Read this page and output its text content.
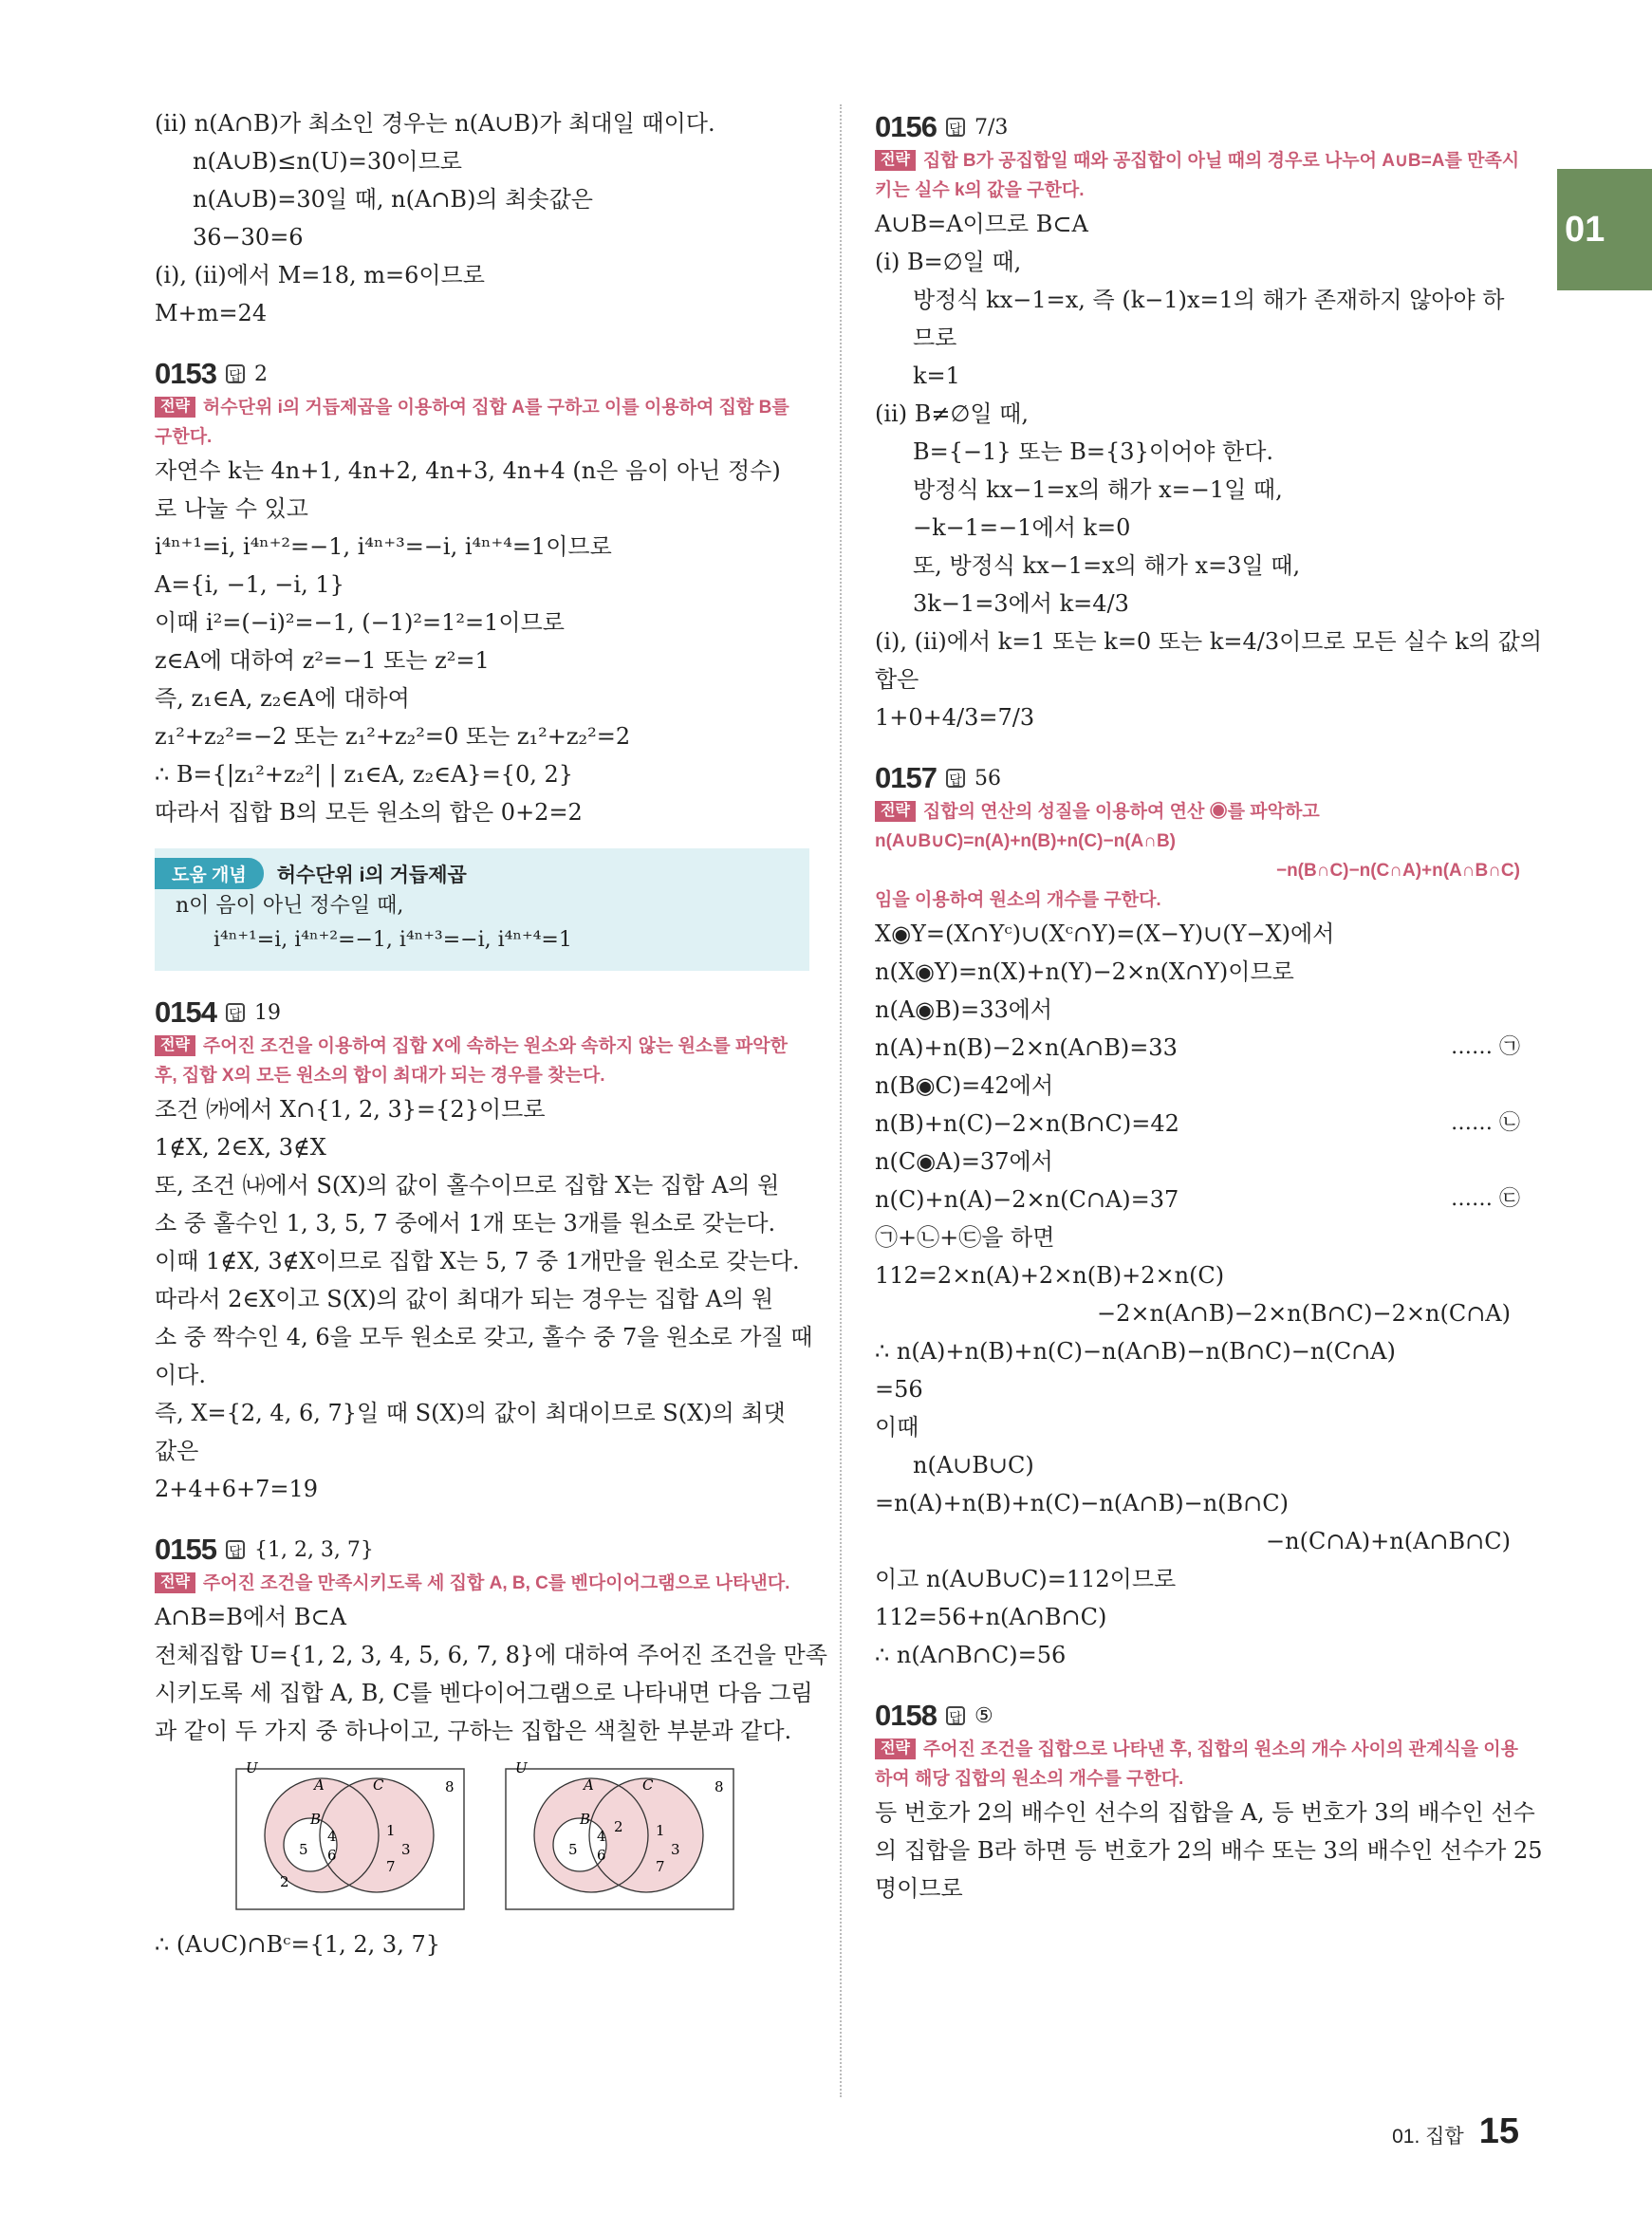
01
(ⅱ) n(A∩B)가 최소인 경우는 n(A∪B)가 최대일 때이다.
n(A∪B)≤n(U)=30이므로
n(A∪B)=30일 때, n(A∩B)의 최솟값은
36−30=6
(ⅰ), (ⅱ)에서 M=18, m=6이므로
M+m=24
0153 답 2
전략 허수단위 i의 거듭제곱을 이용하여 집합 A를 구하고 이를 이용하여 집합 B를 구한다.
자연수 k는 4n+1, 4n+2, 4n+3, 4n+4 (n은 음이 아닌 정수)
로 나눌 수 있고
i⁴ⁿ⁺¹=i, i⁴ⁿ⁺²=−1, i⁴ⁿ⁺³=−i, i⁴ⁿ⁺⁴=1이므로
A={i, −1, −i, 1}
이때 i²=(−i)²=−1, (−1)²=1²=1이므로
z∈A에 대하여 z²=−1 또는 z²=1
즉, z₁∈A, z₂∈A에 대하여
z₁²+z₂²=−2 또는 z₁²+z₂²=0 또는 z₁²+z₂²=2
∴ B={|z₁²+z₂²| | z₁∈A, z₂∈A}={0, 2}
따라서 집합 B의 모든 원소의 합은 0+2=2
도움 개념	허수단위 i의 거듭제곱
n이 음이 아닌 정수일 때,
i⁴ⁿ⁺¹=i, i⁴ⁿ⁺²=−1, i⁴ⁿ⁺³=−i, i⁴ⁿ⁺⁴=1
0154 답 19
전략 주어진 조건을 이용하여 집합 X에 속하는 원소와 속하지 않는 원소를 파악한 후, 집합 X의 모든 원소의 합이 최대가 되는 경우를 찾는다.
조건 ㈎에서 X∩{1, 2, 3}={2}이므로
1∉X, 2∈X, 3∉X
또, 조건 ㈏에서 S(X)의 값이 홀수이므로 집합 X는 집합 A의 원
소 중 홀수인 1, 3, 5, 7 중에서 1개 또는 3개를 원소로 갖는다.
이때 1∉X, 3∉X이므로 집합 X는 5, 7 중 1개만을 원소로 갖는다.
따라서 2∈X이고 S(X)의 값이 최대가 되는 경우는 집합 A의 원
소 중 짝수인 4, 6을 모두 원소로 갖고, 홀수 중 7을 원소로 가질 때
이다.
즉, X={2, 4, 6, 7}일 때 S(X)의 값이 최대이므로 S(X)의 최댓
값은
2+4+6+7=19
0155 답 {1, 2, 3, 7}
전략 주어진 조건을 만족시키도록 세 집합 A, B, C를 벤다이어그램으로 나타낸다.
A∩B=B에서 B⊂A
전체집합 U={1, 2, 3, 4, 5, 6, 7, 8}에 대하여 주어진 조건을 만족
시키도록 세 집합 A, B, C를 벤다이어그램으로 나타내면 다음 그림
과 같이 두 가지 중 하나이고, 구하는 집합은 색칠한 부분과 같다.
U
A	C
B
8
5
4
6
1
3
7
2
U
A	C
B
8
5
4
6
2 1
3
7
∴ (A∪C)∩Bᶜ={1, 2, 3, 7}
0156 답 7/3
전략 집합 B가 공집합일 때와 공집합이 아닐 때의 경우로 나누어 A∪B=A를 만족시키는 실수 k의 값을 구한다.
A∪B=A이므로 B⊂A
(ⅰ) B=∅일 때,
방정식 kx−1=x, 즉 (k−1)x=1의 해가 존재하지 않아야 하
므로
k=1
(ⅱ) B≠∅일 때,
B={−1} 또는 B={3}이어야 한다.
방정식 kx−1=x의 해가 x=−1일 때,
−k−1=−1에서 k=0
또, 방정식 kx−1=x의 해가 x=3일 때,
3k−1=3에서 k=4/3
(ⅰ), (ⅱ)에서 k=1 또는 k=0 또는 k=4/3이므로 모든 실수 k의 값의
합은
1+0+4/3=7/3
0157 답 56
전략 집합의 연산의 성질을 이용하여 연산 ◉를 파악하고
n(A∪B∪C)=n(A)+n(B)+n(C)−n(A∩B)
−n(B∩C)−n(C∩A)+n(A∩B∩C)
임을 이용하여 원소의 개수를 구한다.
X◉Y=(X∩Yᶜ)∪(Xᶜ∩Y)=(X−Y)∪(Y−X)에서
n(X◉Y)=n(X)+n(Y)−2×n(X∩Y)이므로
n(A◉B)=33에서
n(A)+n(B)−2×n(A∩B)=33	…… ㉠
n(B◉C)=42에서
n(B)+n(C)−2×n(B∩C)=42	…… ㉡
n(C◉A)=37에서
n(C)+n(A)−2×n(C∩A)=37	…… ㉢
㉠+㉡+㉢을 하면
112=2×n(A)+2×n(B)+2×n(C)
−2×n(A∩B)−2×n(B∩C)−2×n(C∩A)
∴ n(A)+n(B)+n(C)−n(A∩B)−n(B∩C)−n(C∩A)
=56
이때
n(A∪B∪C)
=n(A)+n(B)+n(C)−n(A∩B)−n(B∩C)
−n(C∩A)+n(A∩B∩C)
이고 n(A∪B∪C)=112이므로
112=56+n(A∩B∩C)
∴ n(A∩B∩C)=56
0158 답 ⑤
전략 주어진 조건을 집합으로 나타낸 후, 집합의 원소의 개수 사이의 관계식을 이용하여 해당 집합의 원소의 개수를 구한다.
등 번호가 2의 배수인 선수의 집합을 A, 등 번호가 3의 배수인 선수
의 집합을 B라 하면 등 번호가 2의 배수 또는 3의 배수인 선수가 25
명이므로
01. 집합 15
